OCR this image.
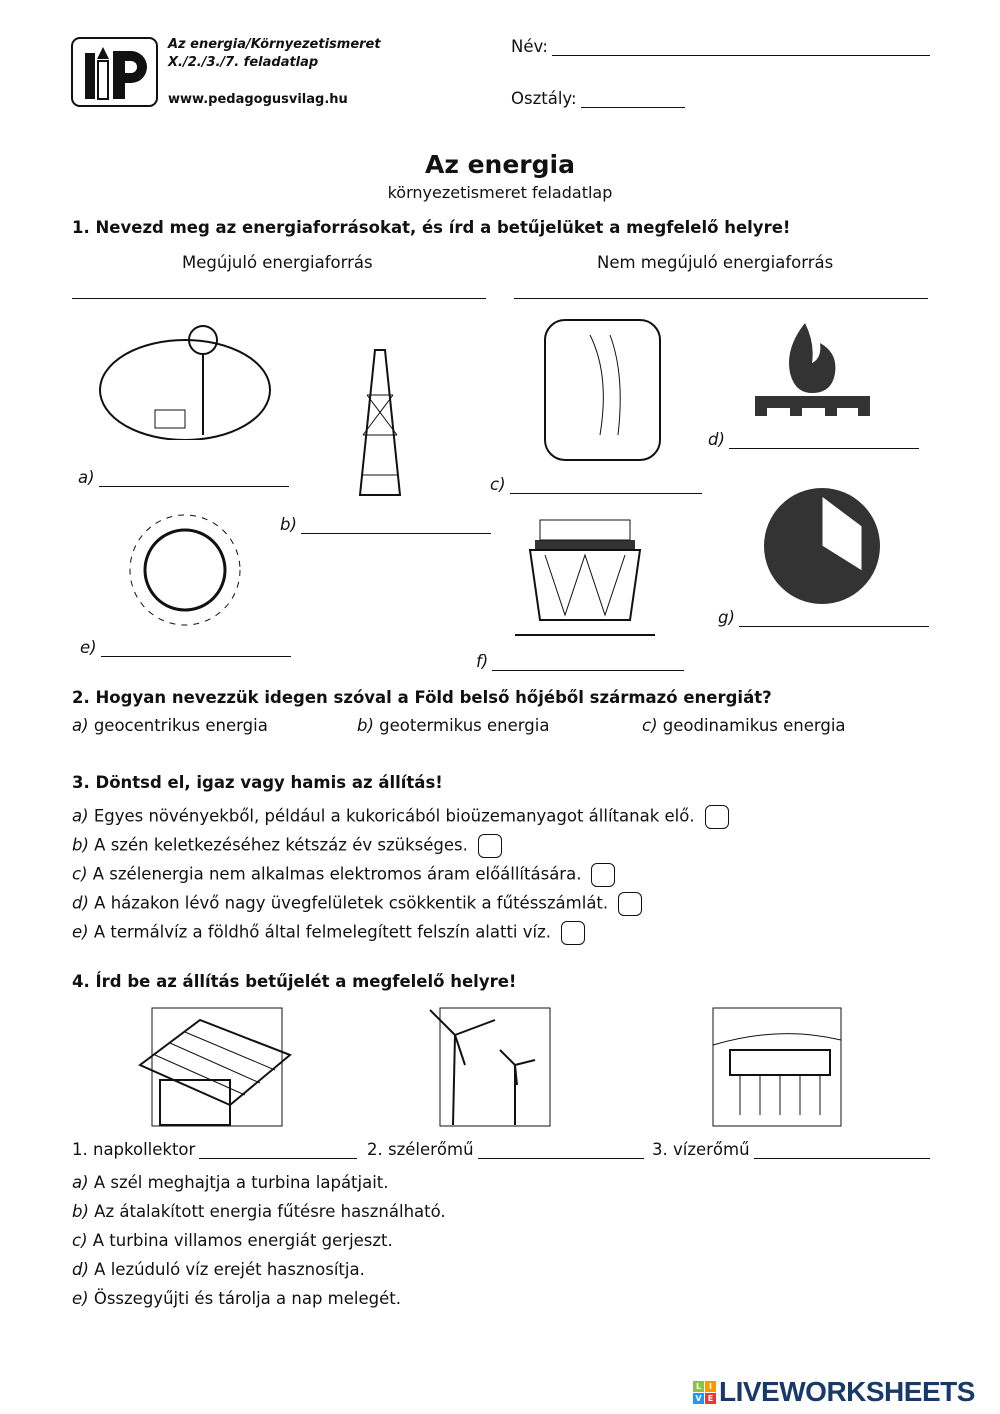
Az energia/Környezetismeret
X./2./3./7. feladatlap
www.pedagogusvilag.hu
Név:
Osztály:
Az energia
környezetismeret feladatlap
1. Nevezd meg az energiaforrásokat, és írd a betűjelüket a megfelelő helyre!
Megújuló energiaforrás	Nem megújuló energiaforrás
a)
b)
c)
d)
e)
f)
g)
2. Hogyan nevezzük idegen szóval a Föld belső hőjéből származó energiát?
a) geocentrikus energia	b) geotermikus energia	c) geodinamikus energia
3. Döntsd el, igaz vagy hamis az állítás!
a) Egyes növényekből, például a kukoricából bioüzemanyagot állítanak elő.
b) A szén keletkezéséhez kétszáz év szükséges.
c) A szélenergia nem alkalmas elektromos áram előállítására.
d) A házakon lévő nagy üvegfelületek csökkentik a fűtésszámlát.
e) A termálvíz a földhő által felmelegített felszín alatti víz.
4. Írd be az állítás betűjelét a megfelelő helyre!
1. napkollektor	2. szélerőmű	3. vízerőmű
a) A szél meghajtja a turbina lapátjait.
b) Az átalakított energia fűtésre használható.
c) A turbina villamos energiát gerjeszt.
d) A lezúduló víz erejét hasznosítja.
e) Összegyűjti és tárolja a nap melegét.
L I
V E LIVEWORKSHEETS
